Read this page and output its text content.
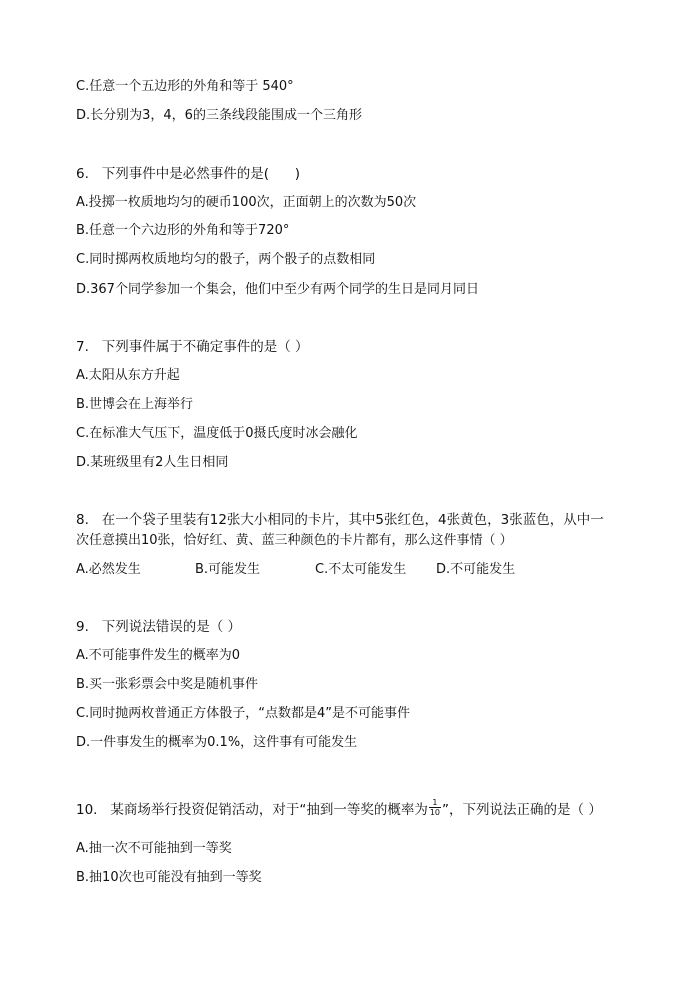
C.任意一个五边形的外角和等于 540°
D.长分别为3，4，6的三条线段能围成一个三角形
6.   下列事件中是必然事件的是(      )
A.投掷一枚质地均匀的硬币100次，正面朝上的次数为50次
B.任意一个六边形的外角和等于720°
C.同时掷两枚质地均匀的骰子，两个骰子的点数相同
D.367个同学参加一个集会，他们中至少有两个同学的生日是同月同日
7.   下列事件属于不确定事件的是（ ）
A.太阳从东方升起
B.世博会在上海举行
C.在标准大气压下，温度低于0摄氏度时冰会融化
D.某班级里有2人生日相同
8.   在一个袋子里装有12张大小相同的卡片，其中5张红色，4张黄色，3张蓝色，从中一
次任意摸出10张，恰好红、黄、蓝三种颜色的卡片都有，那么这件事情（ ）
A.必然发生	B.可能发生	C.不太可能发生	D.不可能发生
9.   下列说法错误的是（ ）
A.不可能事件发生的概率为0
B.买一张彩票会中奖是随机事件
C.同时抛两枚普通正方体骰子，“点数都是4”是不可能事件
D.一件事发生的概率为0.1%，这件事有可能发生
10.   某商场举行投资促销活动，对于“抽到一等奖的概率为 $\frac{1}{10}$ ”，下列说法正确的是（ ）
A.抽一次不可能抽到一等奖
B.抽10次也可能没有抽到一等奖
